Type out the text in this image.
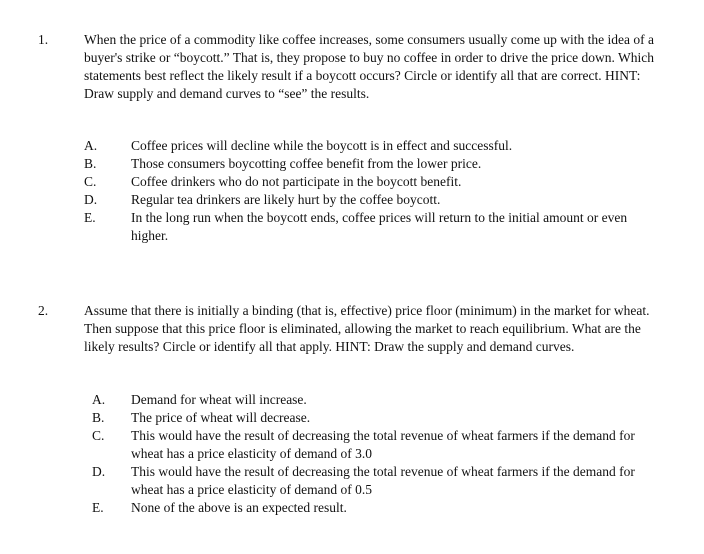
1.	When the price of a commodity like coffee increases, some consumers usually come up with the idea of a buyer's strike or “boycott.” That is, they propose to buy no coffee in order to drive the price down. Which statements best reflect the likely result if a boycott occurs? Circle or identify all that are correct. HINT: Draw supply and demand curves to “see” the results.
A.	Coffee prices will decline while the boycott is in effect and successful.
B.	Those consumers boycotting coffee benefit from the lower price.
C.	Coffee drinkers who do not participate in the boycott benefit.
D.	Regular tea drinkers are likely hurt by the coffee boycott.
E.	In the long run when the boycott ends, coffee prices will return to the initial amount or even higher.
2.	Assume that there is initially a binding (that is, effective) price floor (minimum) in the market for wheat. Then suppose that this price floor is eliminated, allowing the market to reach equilibrium. What are the likely results? Circle or identify all that apply. HINT: Draw the supply and demand curves.
A. Demand for wheat will increase.
B. The price of wheat will decrease.
C. This would have the result of decreasing the total revenue of wheat farmers if the demand for wheat has a price elasticity of demand of 3.0
D. This would have the result of decreasing the total revenue of wheat farmers if the demand for wheat has a price elasticity of demand of 0.5
E. None of the above is an expected result.
